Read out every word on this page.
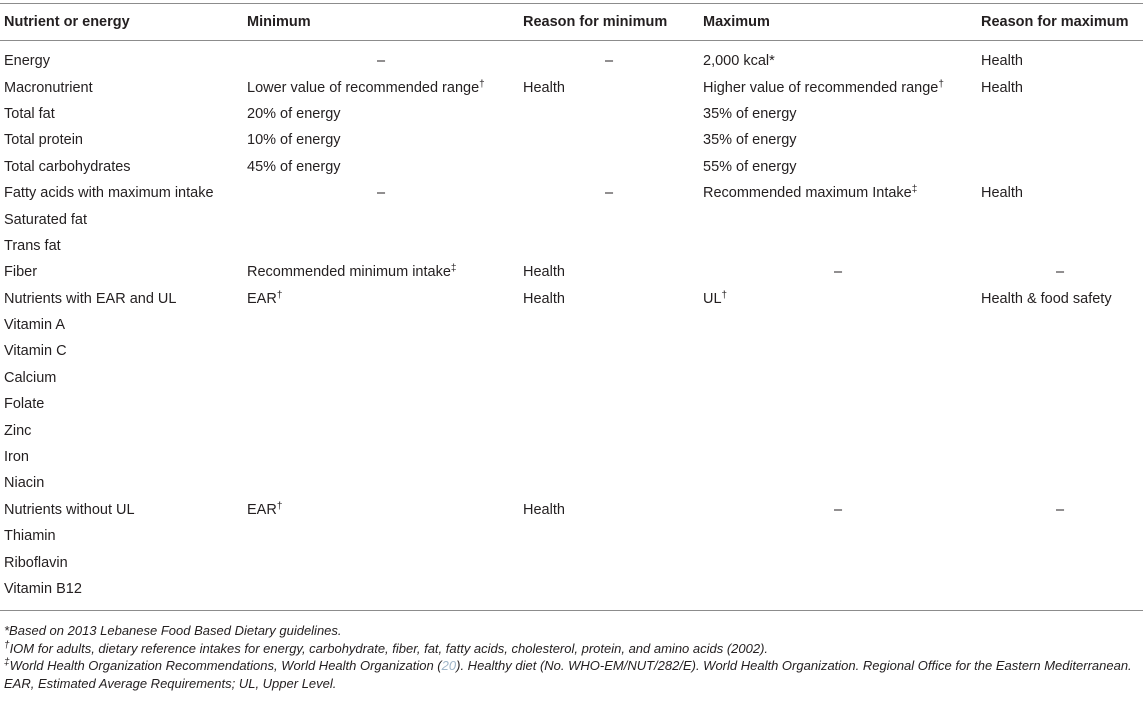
Nutrient or energy	Minimum	Reason for minimum	Maximum	Reason for maximum
Energy	–	–	2,000 kcal*	Health
Macronutrient	Lower value of recommended range†	Health	Higher value of recommended range†	Health
Total fat	20% of energy		35% of energy	
Total protein	10% of energy		35% of energy	
Total carbohydrates	45% of energy		55% of energy	
Fatty acids with maximum intake	–	–	Recommended maximum Intake‡	Health
Saturated fat				
Trans fat				
Fiber	Recommended minimum intake‡	Health	–	–
Nutrients with EAR and UL	EAR†	Health	UL†	Health & food safety
Vitamin A				
Vitamin C				
Calcium				
Folate				
Zinc				
Iron				
Niacin				
Nutrients without UL	EAR†	Health	–	–
Thiamin				
Riboflavin				
Vitamin B12				

*Based on 2013 Lebanese Food Based Dietary guidelines.

†IOM for adults, dietary reference intakes for energy, carbohydrate, fiber, fat, fatty acids, cholesterol, protein, and amino acids (2002).

‡World Health Organization Recommendations, World Health Organization (20). Healthy diet (No. WHO-EM/NUT/282/E). World Health Organization. Regional Office for the Eastern Mediterranean.

EAR, Estimated Average Requirements; UL, Upper Level.
